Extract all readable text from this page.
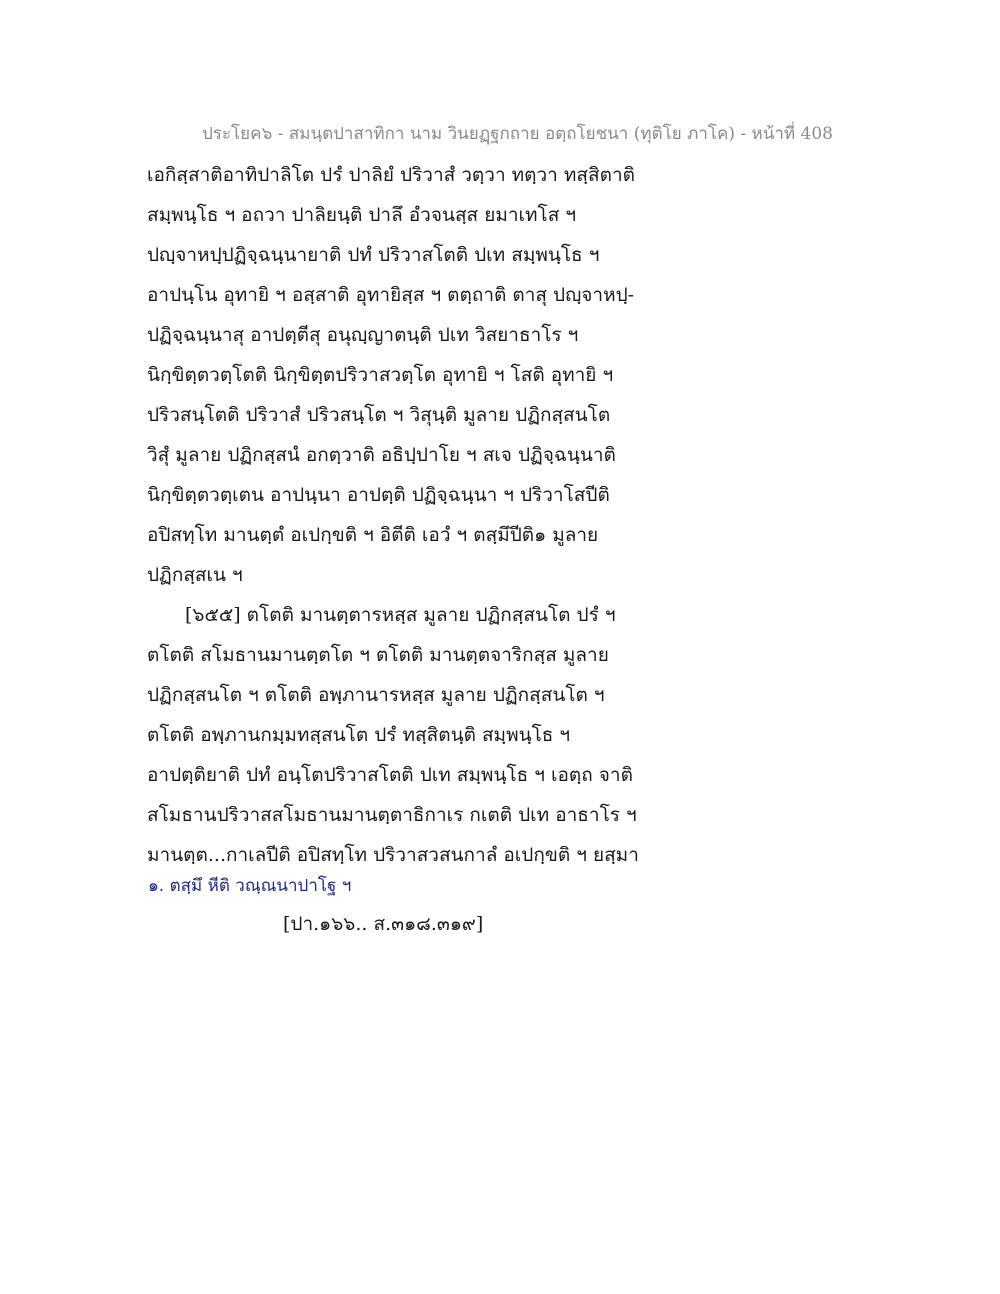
ประโยค๖ - สมนฺตปาสาทิกา นาม วินยฏฺฐกถาย อตฺถโยชนา (ทุติโย ภาโค) - หน้าที่ 408
เอกิสฺสาติอาทิปาลิโต ปรํ ปาลิยํ ปริวาสํ วตฺวา ทตฺวา ทสฺสิตาติ
สมฺพนฺโธ ฯ อถวา ปาลิยนฺติ ปาลึ อํวจนสฺส ยมาเทโส ฯ
ปญฺจาหปฺปฏิจฺฉนฺนายาติ ปทํ ปริวาสโตติ ปเท สมฺพนฺโธ ฯ
อาปนฺโน อุทายิ ฯ อสฺสาติ อุทายิสฺส ฯ ตตฺถาติ ตาสุ ปญฺจาหปฺ-
ปฏิจฺฉนฺนาสุ อาปตฺตีสุ อนุญฺญาตนฺติ ปเท วิสยาธาโร ฯ
นิกฺขิตฺตวตฺโตติ นิกฺขิตฺตปริวาสวตฺโต อุทายิ ฯ โสติ อุทายิ ฯ
ปริวสนฺโตติ ปริวาสํ ปริวสนฺโต ฯ วิสุนฺติ มูลาย ปฏิกสฺสนโต
วิสุํ มูลาย ปฏิกสฺสนํ อกตฺวาติ อธิปฺปาโย ฯ สเจ ปฏิจฺฉนฺนาติ
นิกฺขิตฺตวตฺเตน อาปนฺนา อาปตฺติ ปฏิจฺฉนฺนา ฯ ปริวาโสปีติ
อปิสทฺโท มานตฺตํ อเปกฺขติ ฯ อิตีติ เอวํ ฯ ตสฺมึปีติ๑ มูลาย
ปฏิกสฺสเน ฯ
[๖๕๕] ตโตติ มานตฺตารหสฺส มูลาย ปฏิกสฺสนโต ปรํ ฯ
ตโตติ สโมธานมานตฺตโต ฯ ตโตติ มานตฺตจาริกสฺส มูลาย
ปฏิกสฺสนโต ฯ ตโตติ อพฺภานารหสฺส มูลาย ปฏิกสฺสนโต ฯ
ตโตติ อพฺภานกมฺมทสฺสนโต ปรํ ทสฺสิตนฺติ สมฺพนฺโธ ฯ
อาปตฺติยาติ ปทํ อนฺโตปริวาสโตติ ปเท สมฺพนฺโธ ฯ เอตฺถ จาติ
สโมธานปริวาสสโมธานมานตฺตาธิกาเร กเตติ ปเท อาธาโร ฯ
มานตฺต...กาเลปีติ อปิสทฺโท ปริวาสวสนกาลํ อเปกฺขติ ฯ ยสฺมา
๑. ตสฺมึ หีติ วณฺณนาปาโฐ ฯ
[ปา.๑๖๖.. ส.๓๑๘.๓๑๙]
